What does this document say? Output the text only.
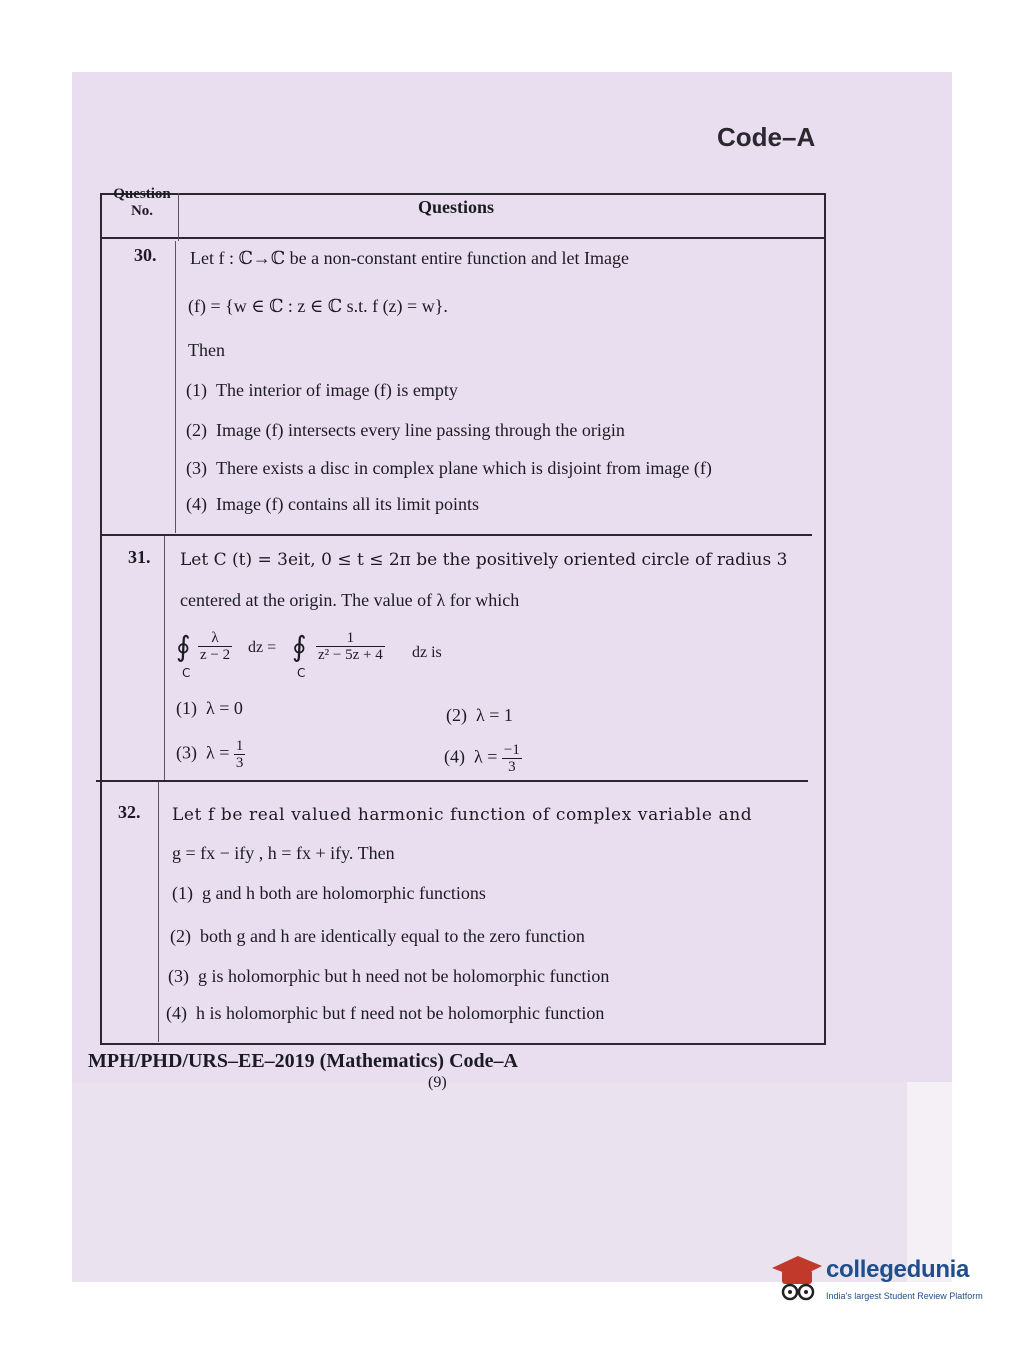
Code–A
Question No.	Questions
30. Let f : ℂ→ℂ be a non-constant entire function and let Image
(f) = {w ∈ ℂ : z ∈ ℂ s.t. f (z) = w}.
Then
(1) The interior of image (f) is empty
(2) Image (f) intersects every line passing through the origin
(3) There exists a disc in complex plane which is disjoint from image (f)
(4) Image (f) contains all its limit points
31. Let C (t) = 3eit, 0 ≤ t ≤ 2π be the positively oriented circle of radius 3
centered at the origin. The value of λ for which
∮
C
$\frac{\lambda}{z - 2}$ dz = ∮
C
$\frac{1}{\text{z² − 5z + 4}}$ dz is
(1) λ = 0	(2) λ = 1
(3) $\lambda = \frac{1}{3}$	(4) $\lambda = \frac{-1}{3}$
32. Let f be real valued harmonic function of complex variable and
g = fx − ify , h = fx + ify. Then
(1) g and h both are holomorphic functions
(2) both g and h are identically equal to the zero function
(3) g is holomorphic but h need not be holomorphic function
(4) h is holomorphic but f need not be holomorphic function
MPH/PHD/URS–EE–2019 (Mathematics) Code–A
(9)
collegedunia
India's largest Student Review Platform
